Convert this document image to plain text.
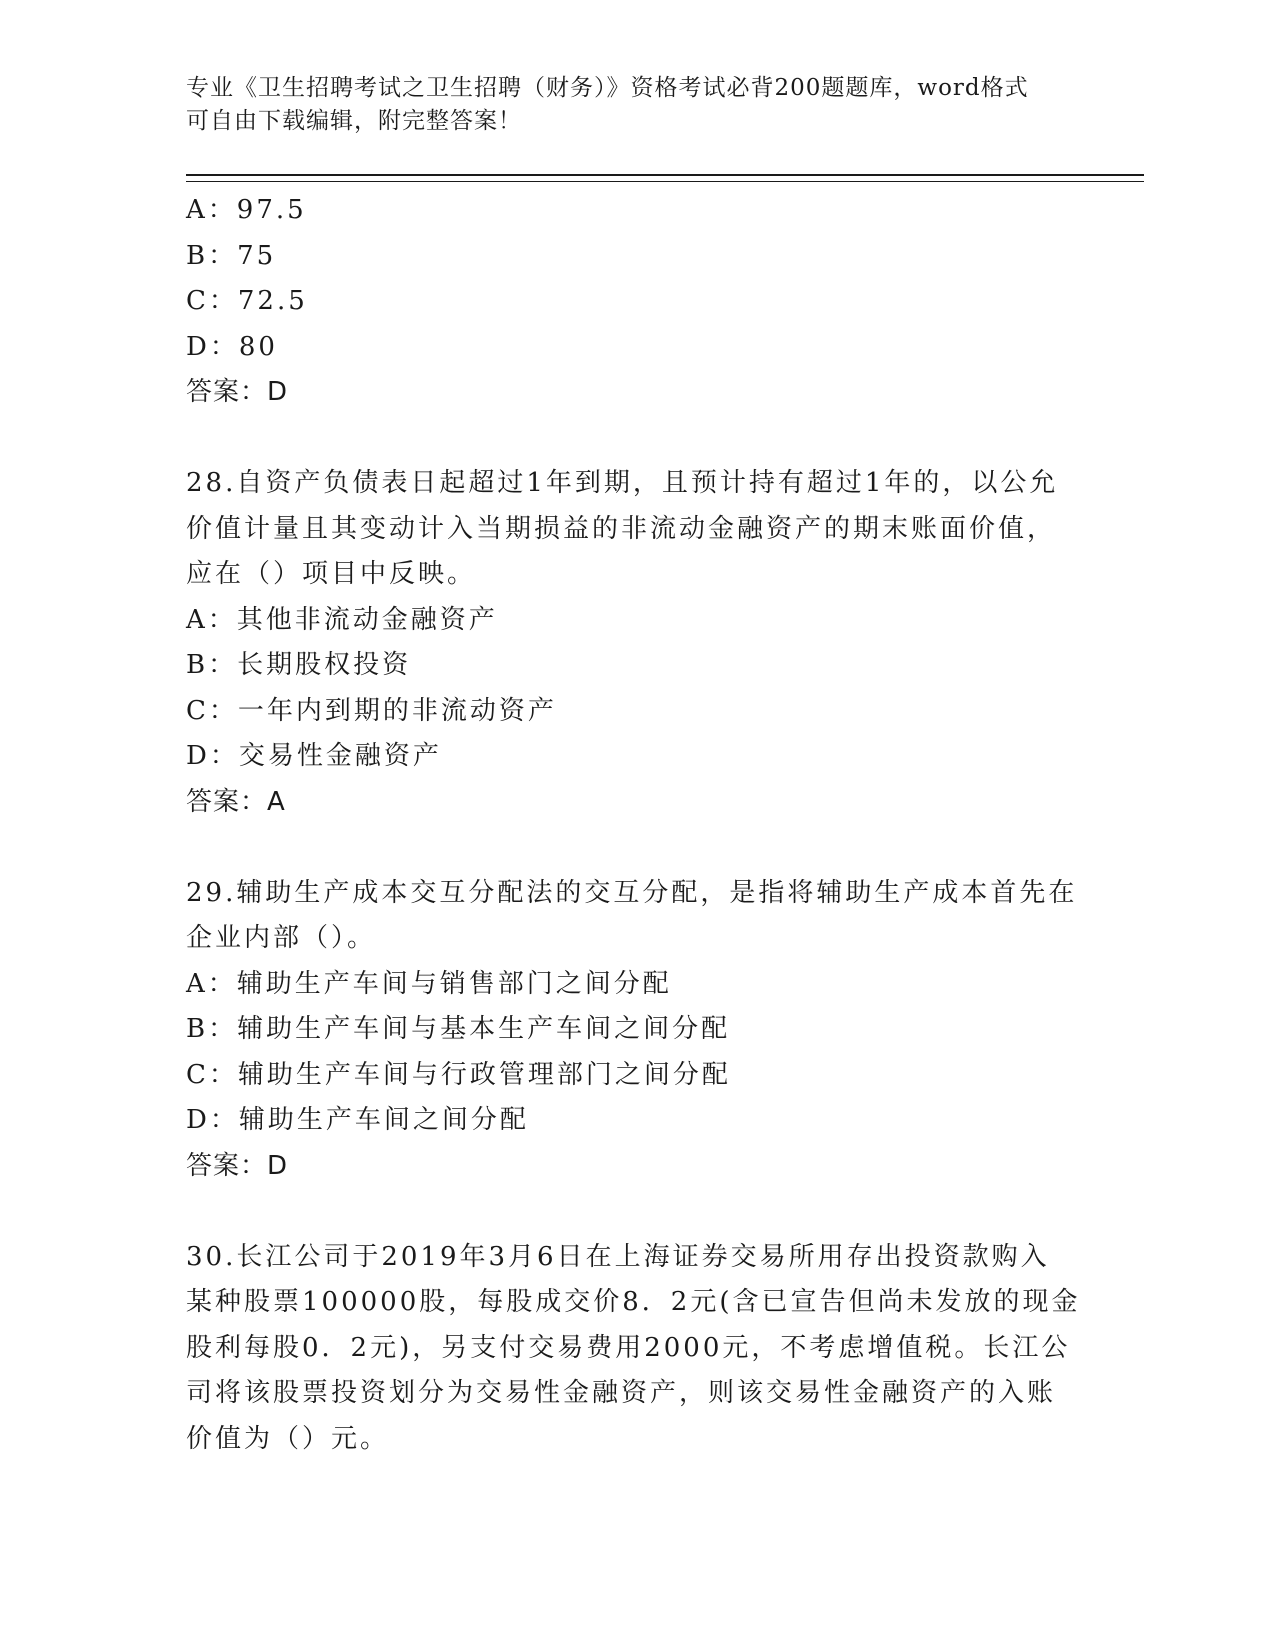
专业《卫生招聘考试之卫生招聘（财务）》资格考试必背200题题库，word格式
可自由下载编辑，附完整答案！
A：97.5
B：75
C：72.5
D：80
答案：D
28.自资产负债表日起超过1年到期，且预计持有超过1年的，以公允
价值计量且其变动计入当期损益的非流动金融资产的期末账面价值，
应在（）项目中反映。
A：其他非流动金融资产
B：长期股权投资
C：一年内到期的非流动资产
D：交易性金融资产
答案：A
29.辅助生产成本交互分配法的交互分配，是指将辅助生产成本首先在
企业内部（）。
A：辅助生产车间与销售部门之间分配
B：辅助生产车间与基本生产车间之间分配
C：辅助生产车间与行政管理部门之间分配
D：辅助生产车间之间分配
答案：D
30.长江公司于2019年3月6日在上海证券交易所用存出投资款购入
某种股票100000股，每股成交价8．2元(含已宣告但尚未发放的现金
股利每股0．2元)，另支付交易费用2000元，不考虑增值税。长江公
司将该股票投资划分为交易性金融资产，则该交易性金融资产的入账
价值为（）元。
